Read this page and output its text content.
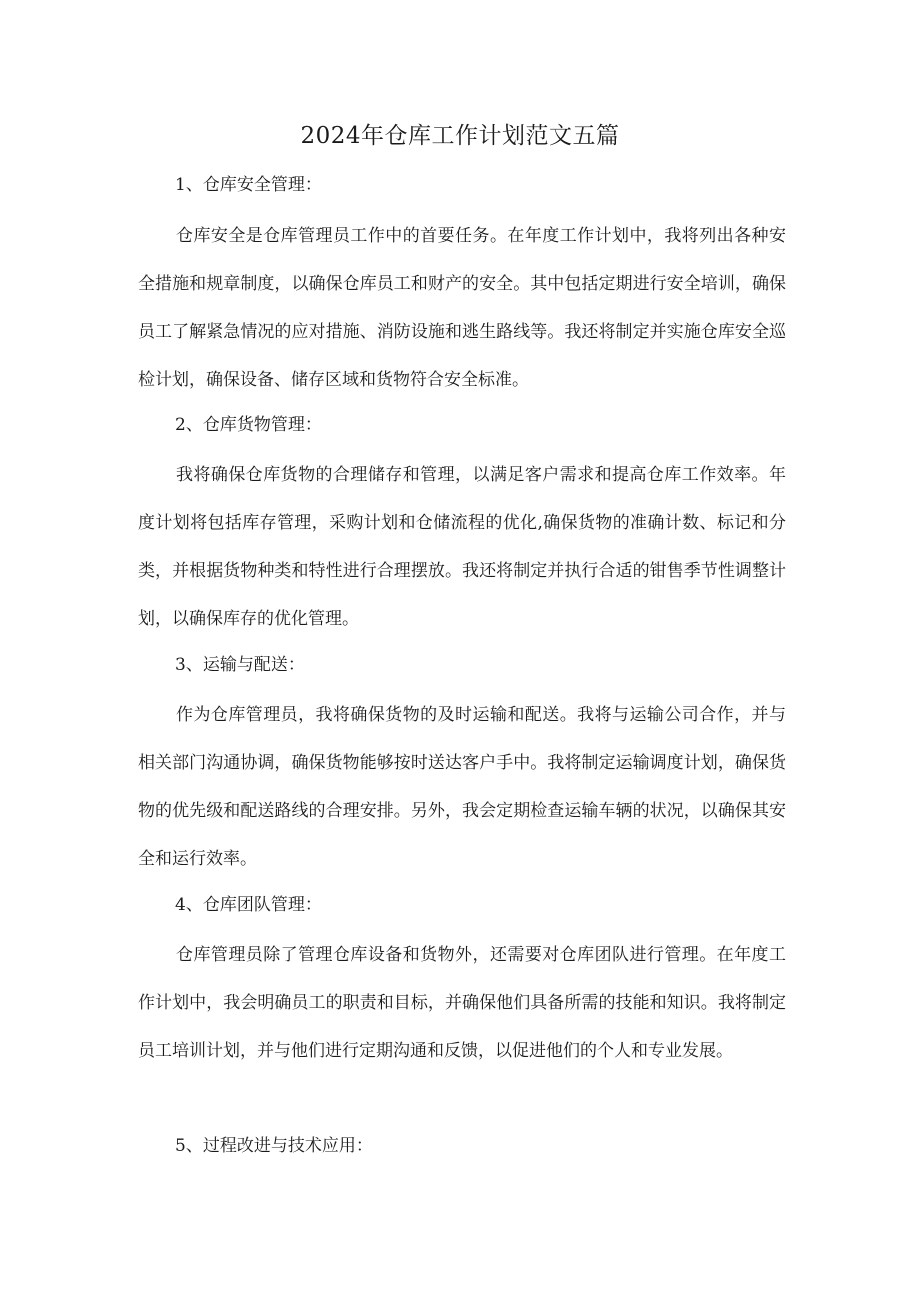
2024年仓库工作计划范文五篇
1、仓库安全管理：
仓库安全是仓库管理员工作中的首要任务。在年度工作计划中，我将列出各种安全措施和规章制度，以确保仓库员工和财产的安全。其中包括定期进行安全培训，确保员工了解紧急情况的应对措施、消防设施和逃生路线等。我还将制定并实施仓库安全巡检计划，确保设备、储存区域和货物符合安全标准。
2、仓库货物管理：
我将确保仓库货物的合理储存和管理，以满足客户需求和提高仓库工作效率。年度计划将包括库存管理，采购计划和仓储流程的优化,确保货物的准确计数、标记和分类，并根据货物种类和特性进行合理摆放。我还将制定并执行合适的钳售季节性调整计划，以确保库存的优化管理。
3、运输与配送：
作为仓库管理员，我将确保货物的及时运输和配送。我将与运输公司合作，并与相关部门沟通协调，确保货物能够按时送达客户手中。我将制定运输调度计划，确保货物的优先级和配送路线的合理安排。另外，我会定期检查运输车辆的状况，以确保其安全和运行效率。
4、仓库团队管理：
仓库管理员除了管理仓库设备和货物外，还需要对仓库团队进行管理。在年度工作计划中，我会明确员工的职责和目标，并确保他们具备所需的技能和知识。我将制定员工培训计划，并与他们进行定期沟通和反馈，以促进他们的个人和专业发展。
5、过程改进与技术应用：
